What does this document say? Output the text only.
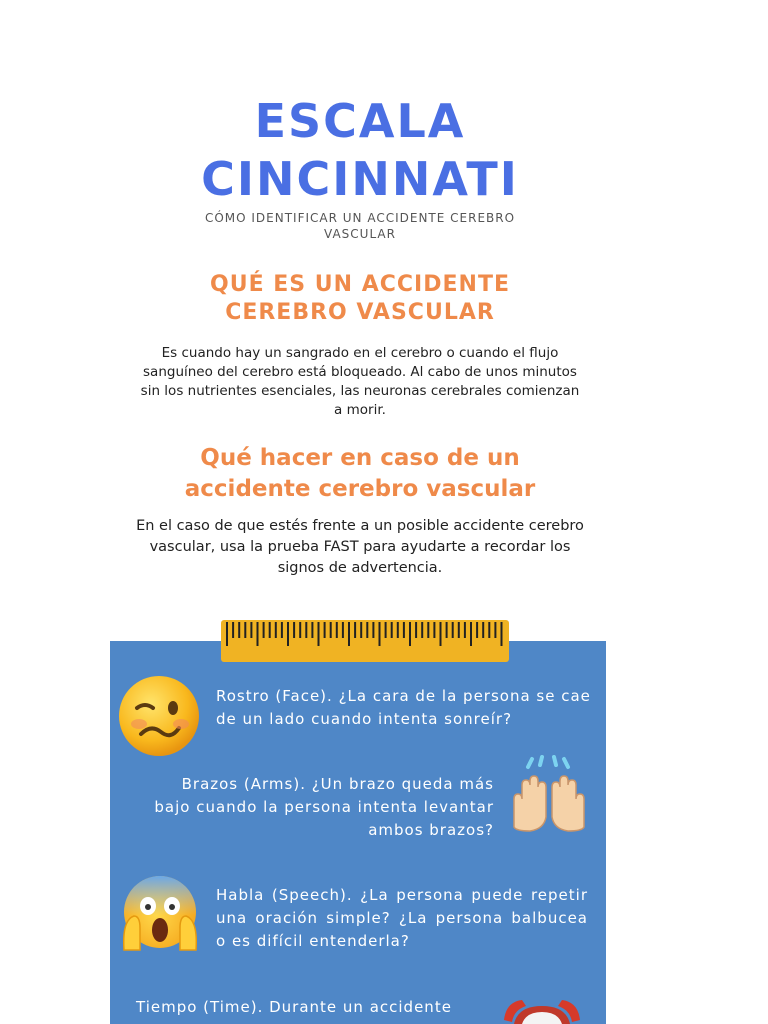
ESCALA
CINCINNATI
CÓMO IDENTIFICAR UN ACCIDENTE CEREBRO VASCULAR
QUÉ ES UN ACCIDENTE
CEREBRO VASCULAR
Es cuando hay un sangrado en el cerebro o cuando el flujo sanguíneo del cerebro está bloqueado. Al cabo de unos minutos sin los nutrientes esenciales, las neuronas cerebrales comienzan a morir.
Qué hacer en caso de un
accidente cerebro vascular
En el caso de que estés frente a un posible accidente cerebro vascular, usa la prueba FAST para ayudarte a recordar los signos de advertencia.
Rostro (Face). ¿La cara de la persona se cae de un lado cuando intenta sonreír?
Brazos (Arms). ¿Un brazo queda más bajo cuando la persona intenta levantar ambos brazos?
Habla (Speech). ¿La persona puede repetir una oración simple? ¿La persona balbucea o es difícil entenderla?
Tiempo (Time). Durante un accidente
